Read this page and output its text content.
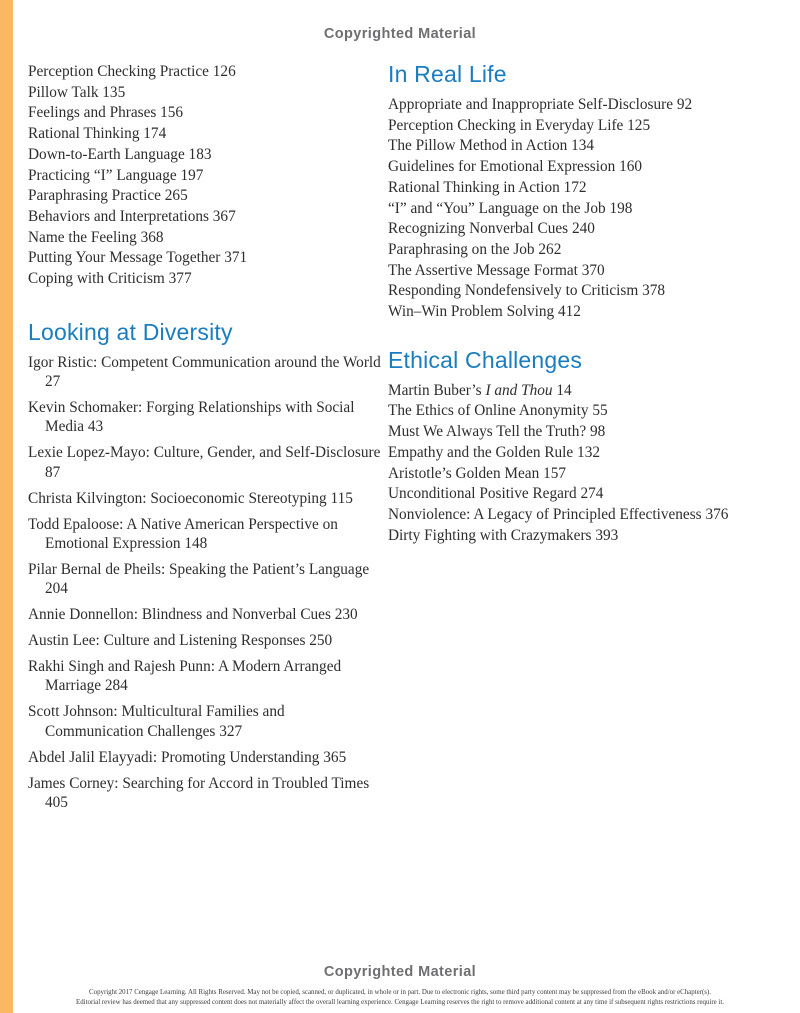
Copyrighted Material
Perception Checking Practice 126
Pillow Talk 135
Feelings and Phrases 156
Rational Thinking 174
Down-to-Earth Language 183
Practicing “I” Language 197
Paraphrasing Practice 265
Behaviors and Interpretations 367
Name the Feeling 368
Putting Your Message Together 371
Coping with Criticism 377
Looking at Diversity
Igor Ristic: Competent Communication around the World 27
Kevin Schomaker: Forging Relationships with Social Media 43
Lexie Lopez-Mayo: Culture, Gender, and Self-Disclosure 87
Christa Kilvington: Socioeconomic Stereotyping 115
Todd Epaloose: A Native American Perspective on Emotional Expression 148
Pilar Bernal de Pheils: Speaking the Patient’s Language 204
Annie Donnellon: Blindness and Nonverbal Cues 230
Austin Lee: Culture and Listening Responses 250
Rakhi Singh and Rajesh Punn: A Modern Arranged Marriage 284
Scott Johnson: Multicultural Families and Communication Challenges 327
Abdel Jalil Elayyadi: Promoting Understanding 365
James Corney: Searching for Accord in Troubled Times 405
In Real Life
Appropriate and Inappropriate Self-Disclosure 92
Perception Checking in Everyday Life 125
The Pillow Method in Action 134
Guidelines for Emotional Expression 160
Rational Thinking in Action 172
“I” and “You” Language on the Job 198
Recognizing Nonverbal Cues 240
Paraphrasing on the Job 262
The Assertive Message Format 370
Responding Nondefensively to Criticism 378
Win–Win Problem Solving 412
Ethical Challenges
Martin Buber’s I and Thou 14
The Ethics of Online Anonymity 55
Must We Always Tell the Truth? 98
Empathy and the Golden Rule 132
Aristotle’s Golden Mean 157
Unconditional Positive Regard 274
Nonviolence: A Legacy of Principled Effectiveness 376
Dirty Fighting with Crazymakers 393
Copyrighted Material
Copyright 2017 Cengage Learning. All Rights Reserved. May not be copied, scanned, or duplicated, in whole or in part. Due to electronic rights, some third party content may be suppressed from the eBook and/or eChapter(s).
Editorial review has deemed that any suppressed content does not materially affect the overall learning experience. Cengage Learning reserves the right to remove additional content at any time if subsequent rights restrictions require it.
